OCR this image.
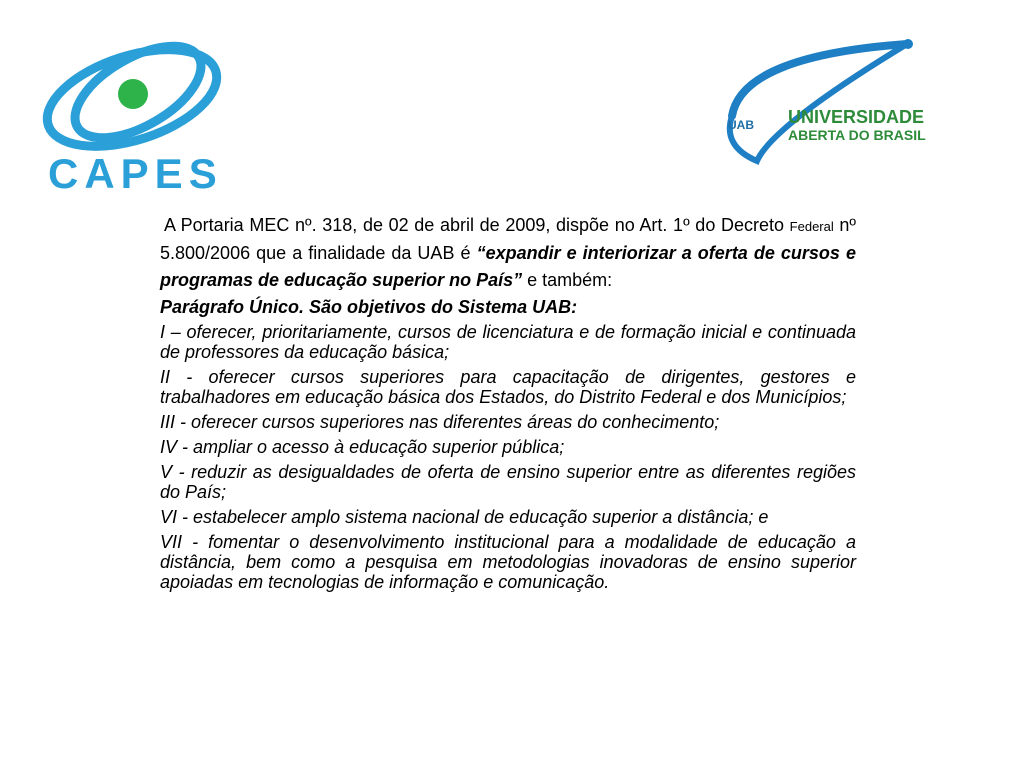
CAPES
UAB UNIVERSIDADE
ABERTA DO BRASIL

A Portaria MEC nº. 318, de 02 de abril de 2009, dispõe no Art. 1º do Decreto Federal nº 5.800/2006 que a finalidade da UAB é “expandir e interiorizar a oferta de cursos e programas de educação superior no País” e também:

Parágrafo Único. São objetivos do Sistema UAB:

I – oferecer, prioritariamente, cursos de licenciatura e de formação inicial e continuada de professores da educação básica;

II - oferecer cursos superiores para capacitação de dirigentes, gestores e trabalhadores em educação básica dos Estados, do Distrito Federal e dos Municípios;

III - oferecer cursos superiores nas diferentes áreas do conhecimento;

IV - ampliar o acesso à educação superior pública;

V - reduzir as desigualdades de oferta de ensino superior entre as diferentes regiões do País;

VI - estabelecer amplo sistema nacional de educação superior a distância; e

VII - fomentar o desenvolvimento institucional para a modalidade de educação a distância, bem como a pesquisa em metodologias inovadoras de ensino superior apoiadas em tecnologias de informação e comunicação.
